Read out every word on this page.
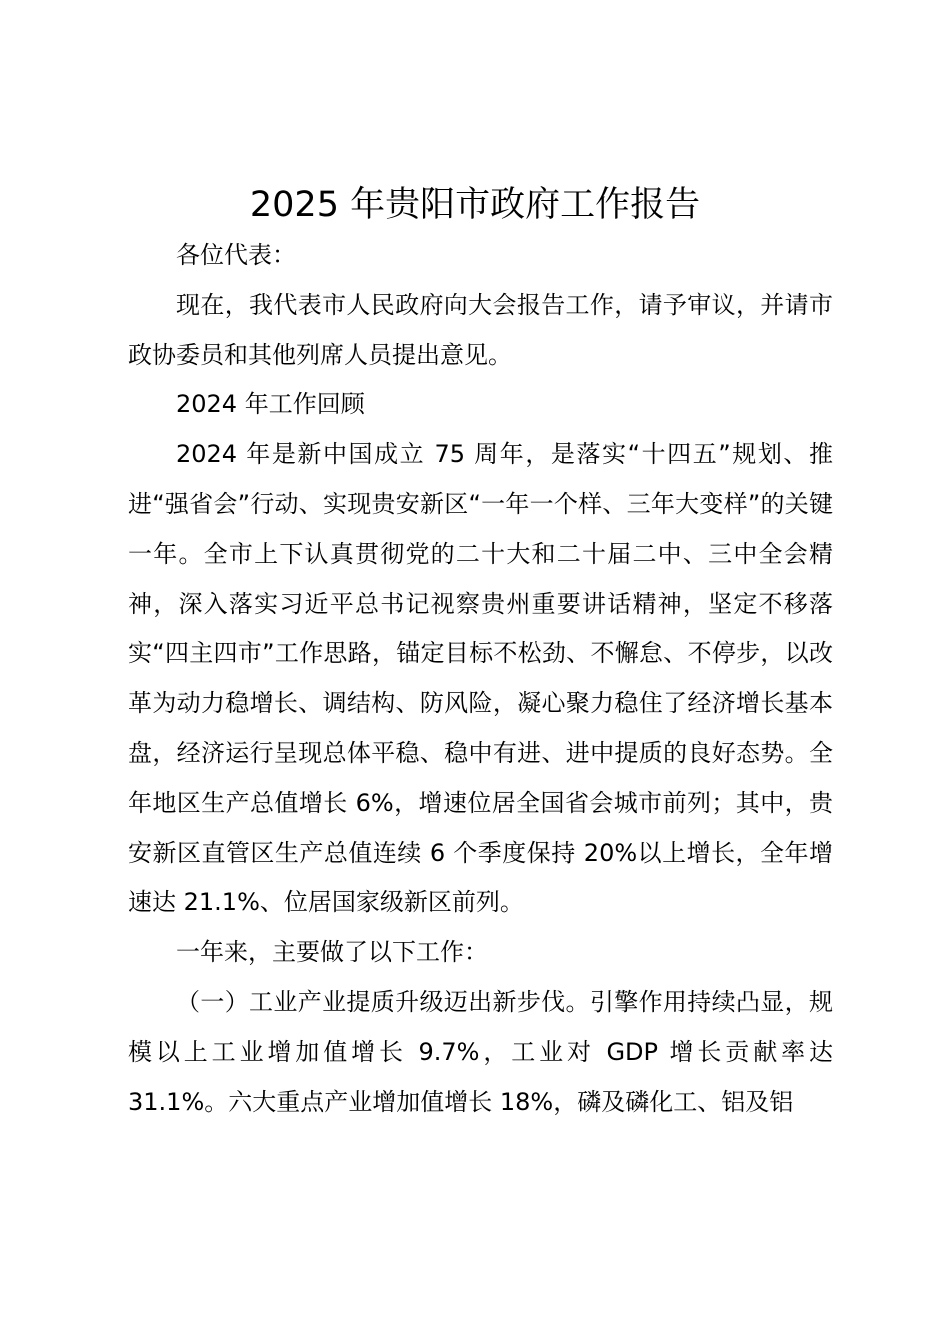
2025 年贵阳市政府工作报告

各位代表：

现在，我代表市人民政府向大会报告工作，请予审议，并请市政协委员和其他列席人员提出意见。

2024 年工作回顾

2024 年是新中国成立 75 周年，是落实“十四五”规划、推进“强省会”行动、实现贵安新区“一年一个样、三年大变样”的关键一年。全市上下认真贯彻党的二十大和二十届二中、三中全会精神，深入落实习近平总书记视察贵州重要讲话精神，坚定不移落实“四主四市”工作思路，锚定目标不松劲、不懈怠、不停步，以改革为动力稳增长、调结构、防风险，凝心聚力稳住了经济增长基本盘，经济运行呈现总体平稳、稳中有进、进中提质的良好态势。全年地区生产总值增长 6%，增速位居全国省会城市前列；其中，贵安新区直管区生产总值连续 6 个季度保持 20%以上增长，全年增速达 21.1%、位居国家级新区前列。

一年来，主要做了以下工作：

（一）工业产业提质升级迈出新步伐。引擎作用持续凸显，规模以上工业增加值增长 9.7%，工业对 GDP 增长贡献率达 31.1%。六大重点产业增加值增长 18%，磷及磷化工、铝及铝
